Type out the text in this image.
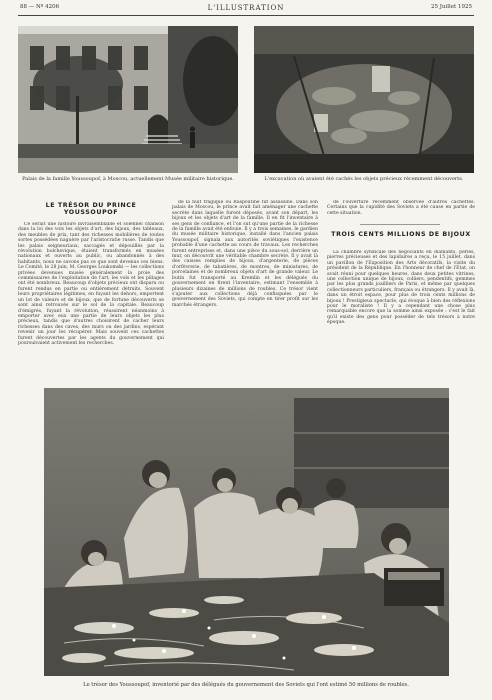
88 — Nº 4206	L'ILLUSTRATION	25 Juillet 1925
Palais de la famille Youssoupof, à Moscou, actuellement Musée militaire historique.	L'excavation où avaient été cachés les objets précieux récemment découverts.
LE TRÉSOR DU PRINCE YOUSSOUPOF

Ce serait une histoire invraisemblable et solennel chanson dans la loi des vols les objets d'art, des bijoux, des tableaux, des meubles de prix, tant des richesses mobilières de toutes sortes possédées naguère par l'aristocratie russe. Tandis que les palais seigneuriaux, saccagés et dépouillés par la révolution bolchevique, étaient transformés en musées nationaux et ouverts au public, ou abandonnés à des habitants, nous ne savons pas ce que sont devenus ces biens. Le Comité, le 28 juin, M. Georges Loukomski — les collections privées devenues musée généralement la proie des commissaires de l'exploitation de l'art, les vols et les pillages ont été nombreux. Beaucoup d'objets précieux ont disparu ou furent rendus en partie ou entièrement détruits. Souvent leurs propriétaires légitimes, en fuyant les dehors, emportent un lot de valeurs et de bijoux, que de fortune découverts se sont ainsi retrouvés sur le sol de la capitale. Beaucoup d'émigrés, fuyant la révolution, réussirent néanmoins à emporter avec eux une partie de leurs objets les plus précieux, tandis que d'autres choisirent de cacher leurs richesses dans des caves, des murs ou des jardins, espérant revenir un jour les récupérer. Mais souvent ces cachettes furent découvertes par les agents du gouvernement qui poursuivaient activement les recherches.

de la nuit tragique où Raspoutine fut assassiné. Dans son palais de Moscou, le prince avait fait aménager une cachette secrète dans laquelle furent déposés, avant son départ, les bijoux et les objets d'art de la famille. Il en fit l'inventaire à ses gens de confiance, et l'on sut qu'une partie de la richesse de la famille avait été enfouie. Il y a trois semaines, le gardien du musée militaire historique, installé dans l'ancien palais Youssoupof, signala aux autorités soviétiques l'existence probable d'une cachette au cours de travaux. Les recherches furent entreprises et, dans une pièce du sous-sol, derrière un mur, on découvrit une véritable chambre secrète. Il y avait là des caisses remplies de bijoux, d'argenterie, de pièces d'orfèvrerie, de tabatières, de montres, de miniatures, de porcelaines et de nombreux objets d'art de grande valeur. Le butin fut transporté au Kremlin et les délégués du gouvernement en firent l'inventaire, estimant l'ensemble à plusieurs dizaines de millions de roubles. Ce trésor vient s'ajouter aux collections déjà confisquées par le gouvernement des Soviets, qui compte en tirer profit sur les marchés étrangers.

de l'ouverture récemment observée d'autres cachettes. Certains que la cupidité des Soviets a été cause en partie de cette situation.

TROIS CENTS MILLIONS DE BIJOUX

La chambre syndicale des négociants en diamants, perles, pierres précieuses et des lapidaires a reçu, le 15 juillet, dans un pavillon de l'Exposition des Arts décoratifs, la visite du président de la République. En l'honneur de chef de l'État, on avait réuni pour quelques heures, dans deux petites vitrines, une collection unique de bijoux, colliers, pendentifs, gemmes par les plus grands joailliers de Paris, et même par quelques collectionneurs particuliers, français ou étrangers. Il y avait là, dans un étroit espace, pour plus de trois cents millions de bijoux ! Prestigieux spectacle, qui évoque à bien des réflexions pour le moraliste ! Il y a cependant une chose plus remarquable encore que la somme ainsi exposée : c'est le fait qu'il existe des gens pour posséder de tels trésors à notre époque.

Le trésor des Youssoupof, inventorié par des délégués du gouvernement des Soviets qui l'ont estimé 50 millions de roubles.
